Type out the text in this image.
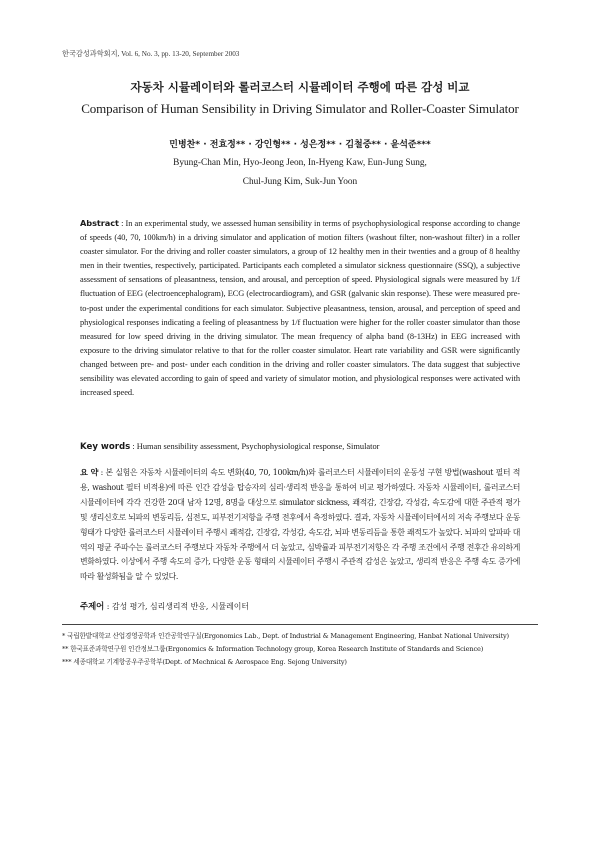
한국감성과학회지, Vol. 6, No. 3, pp. 13-20, September 2003
자동차 시뮬레이터와 롤러코스터 시뮬레이터 주행에 따른 감성 비교
Comparison of Human Sensibility in Driving Simulator and Roller-Coaster Simulator
민병찬* · 전효정** · 강인형** · 성은정** · 김철중** · 윤석준***
Byung-Chan Min, Hyo-Jeong Jeon, In-Hyeng Kaw, Eun-Jung Sung,
Chul-Jung Kim, Suk-Jun Yoon
Abstract : In an experimental study, we assessed human sensibility in terms of psychophysiological response according to change of speeds (40, 70, 100km/h) in a driving simulator and application of motion filters (washout filter, non-washout filter) in a roller coaster simulator. For the driving and roller coaster simulators, a group of 12 healthy men in their twenties and a group of 8 healthy men in their twenties, respectively, participated. Participants each completed a simulator sickness questionnaire (SSQ), a subjective assessment of sensations of pleasantness, tension, and arousal, and perception of speed. Physiological signals were measured by 1/f fluctuation of EEG (electroencephalogram), ECG (electrocardiogram), and GSR (galvanic skin response). These were measured pre-to-post under the experimental conditions for each simulator. Subjective pleasantness, tension, arousal, and perception of speed and physiological responses indicating a feeling of pleasantness by 1/f fluctuation were higher for the roller coaster simulator than those measured for low speed driving in the driving simulator. The mean frequency of alpha band (8-13Hz) in EEG increased with exposure to the driving simulator relative to that for the roller coaster simulator. Heart rate variability and GSR were significantly changed between pre- and post- under each condition in the driving and roller coaster simulators. The data suggest that subjective sensibility was elevated according to gain of speed and variety of simulator motion, and physiological responses were activated with increased speed.
Key words : Human sensibility assessment, Psychophysiological response, Simulator
요 약 : 본 실험은 자동차 시뮬레이터의 속도 변화(40, 70, 100km/h)와 롤러코스터 시뮬레이터의 운동성 구현 방법(washout 필터 적용, washout 필터 비적용)에 따른 인간 감성을 탑승자의 심리·생리적 반응을 통하여 비교 평가하였다. 자동차 시뮬레이터, 롤러코스터 시뮬레이터에 각각 건강한 20대 남자 12명, 8명을 대상으로 simulator sickness, 쾌적감, 긴장감, 각성감, 속도감에 대한 주관적 평가 및 생리신호로 뇌파의 변동리듬, 심전도, 피부전기저항을 주행 전후에서 측정하였다. 결과, 자동차 시뮬레이터에서의 저속 주행보다 운동 형태가 다양한 롤러코스터 시뮬레이터 주행시 쾌적감, 긴장감, 각성감, 속도감, 뇌파 변동리듬을 통한 쾌적도가 높았다. 뇌파의 알파파 대역의 평균 주파수는 롤러코스터 주행보다 자동차 주행에서 더 높았고, 심박률과 피부전기저항은 각 주행 조건에서 주행 전후간 유의하게 변화하였다. 이상에서 주행 속도의 증가, 다양한 운동 형태의 시뮬레이터 주행시 주관적 감성은 높았고, 생리적 반응은 주행 속도 증가에 따라 활성화됨을 알 수 있었다.
주제어 : 감성 평가, 심리생리적 반응, 시뮬레이터
* 국립한밭대학교 산업경영공학과 인간공학연구실(Ergonomics Lab., Dept. of Industrial & Management Engineering, Hanbat National University)
** 한국표준과학연구원 인간정보그룹(Ergonomics & Information Technology group, Korea Research Institute of Standards and Science)
*** 세종대학교 기계항공우주공학부(Dept. of Mechnical & Aerospace Eng. Sejong University)
